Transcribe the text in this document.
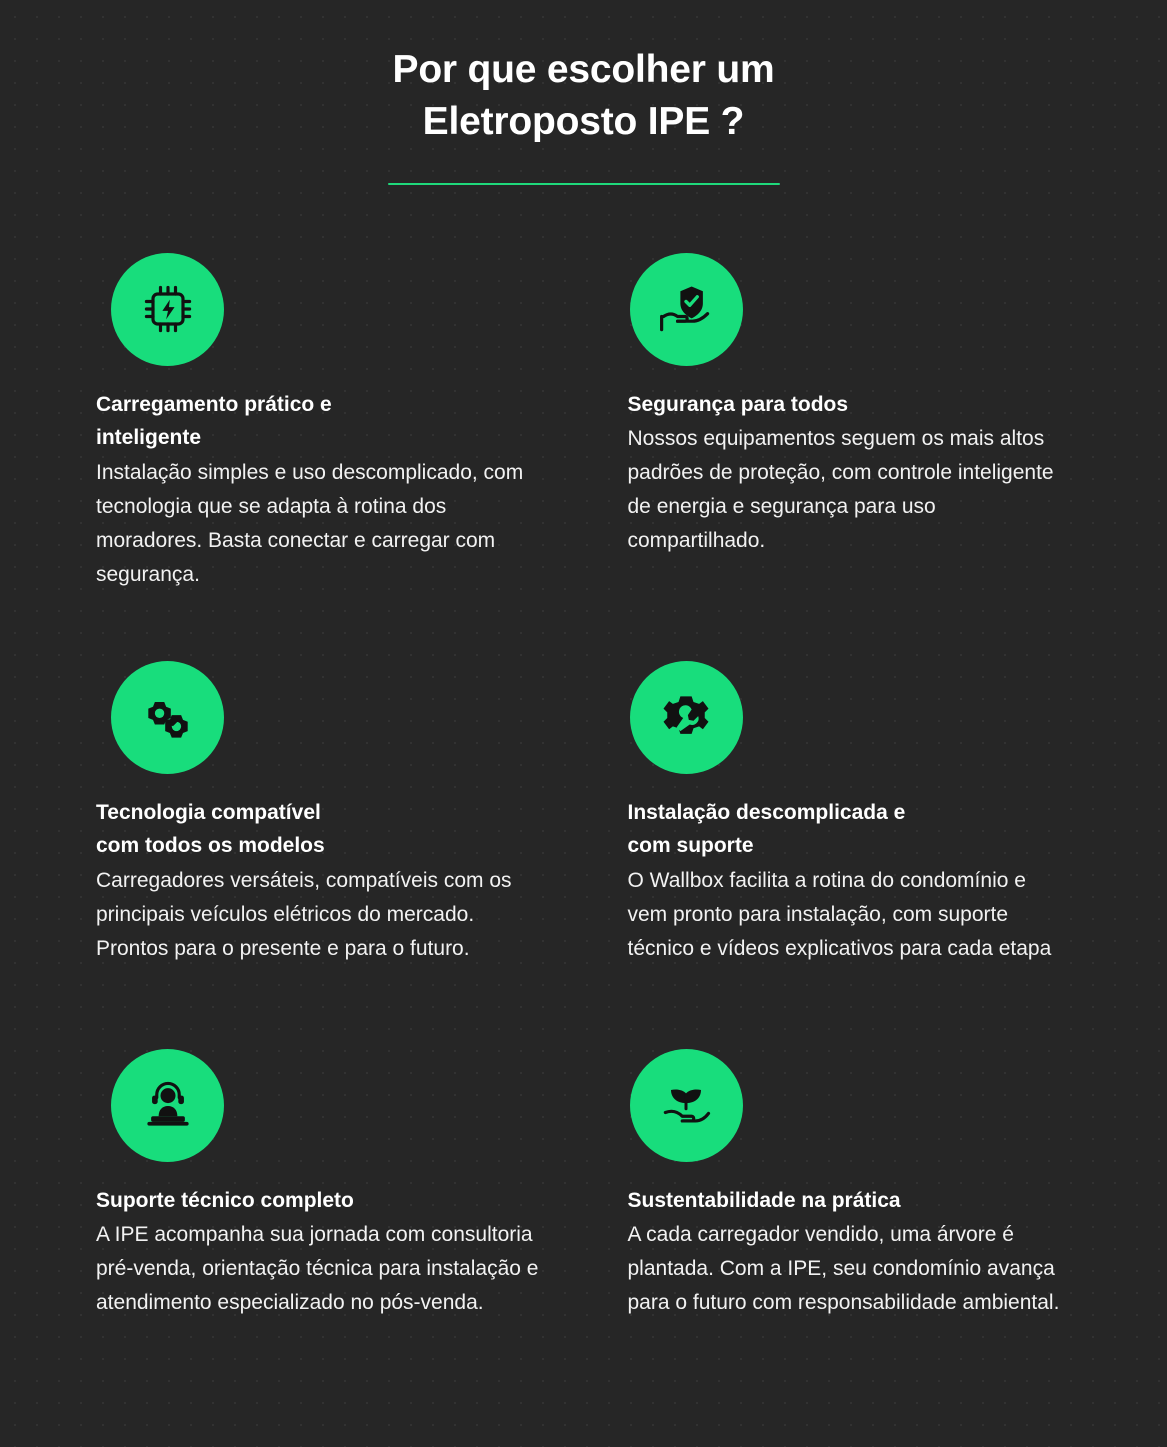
Por que escolher um
Eletroposto IPE ?
Carregamento prático e
inteligente
Instalação simples e uso descomplicado, com tecnologia que se adapta à rotina dos moradores. Basta conectar e carregar com segurança.
Segurança para todos
Nossos equipamentos seguem os mais altos padrões de proteção, com controle inteligente de energia e segurança para uso compartilhado.
Tecnologia compatível
com todos os modelos
Carregadores versáteis, compatíveis com os principais veículos elétricos do mercado. Prontos para o presente e para o futuro.
Instalação descomplicada e
com suporte
O Wallbox facilita a rotina do condomínio e vem pronto para instalação, com suporte técnico e vídeos explicativos para cada etapa
Suporte técnico completo
A IPE acompanha sua jornada com consultoria pré-venda, orientação técnica para instalação e atendimento especializado no pós-venda.
Sustentabilidade na prática
A cada carregador vendido, uma árvore é plantada. Com a IPE, seu condomínio avança para o futuro com responsabilidade ambiental.
